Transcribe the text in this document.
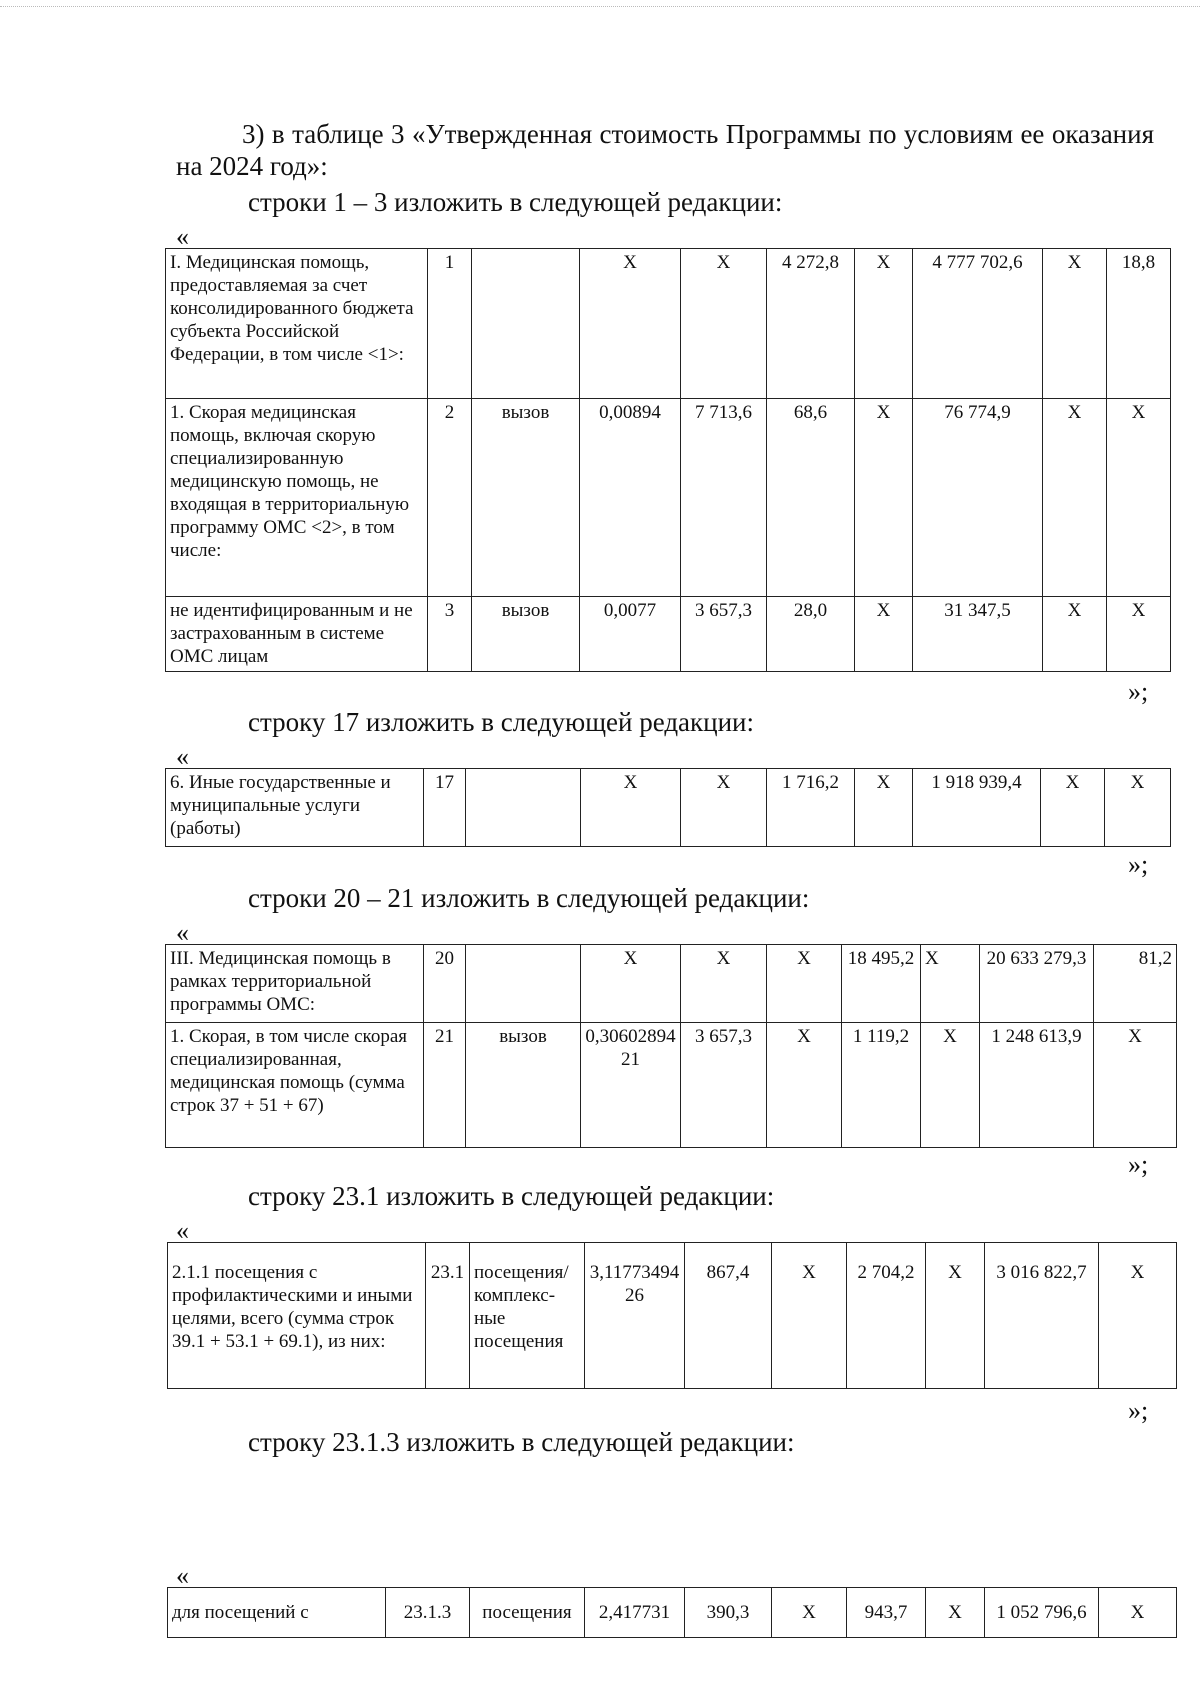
3) в таблице 3 «Утвержденная стоимость Программы по условиям ее оказания на 2024 год»:
строки 1 – 3 изложить в следующей редакции:
«
I. Медицинская помощь, предоставляемая за счет консолидированного бюджета субъекта Российской Федерации, в том числе <1>:	1		X	X	4 272,8	X	4 777 702,6	X	18,8
1. Скорая медицинская помощь, включая скорую специализированную медицинскую помощь, не входящая в территориальную программу ОМС <2>, в том числе:	2	вызов	0,00894	7 713,6	68,6	X	76 774,9	X	X
не идентифицированным и не застрахованным в системе ОМС лицам	3	вызов	0,0077	3 657,3	28,0	X	31 347,5	X	X
»;
строку 17 изложить в следующей редакции:
«
6. Иные государственные и муниципальные услуги (работы)	17		X	X	1 716,2	X	1 918 939,4	X	X
»;
строки 20 – 21 изложить в следующей редакции:
«
III. Медицинская помощь в рамках территориальной программы ОМС:	20		X	X	X	18 495,2	X	20 633 279,3	81,2
1. Скорая, в том числе скорая специализированная, медицинская помощь (сумма строк 37 + 51 + 67)	21	вызов	0,3060289421	3 657,3	X	1 119,2	X	1 248 613,9	X
»;
строку 23.1 изложить в следующей редакции:
«
2.1.1 посещения с профилактическими и иными целями, всего (сумма строк 39.1 + 53.1 + 69.1), из них:	23.1	посещения/комплекс-ные посещения	3,1177349426	867,4	X	2 704,2	X	3 016 822,7	X
»;
строку 23.1.3 изложить в следующей редакции:
«
для посещений с	23.1.3	посещения	2,417731	390,3	X	943,7	X	1 052 796,6	X
